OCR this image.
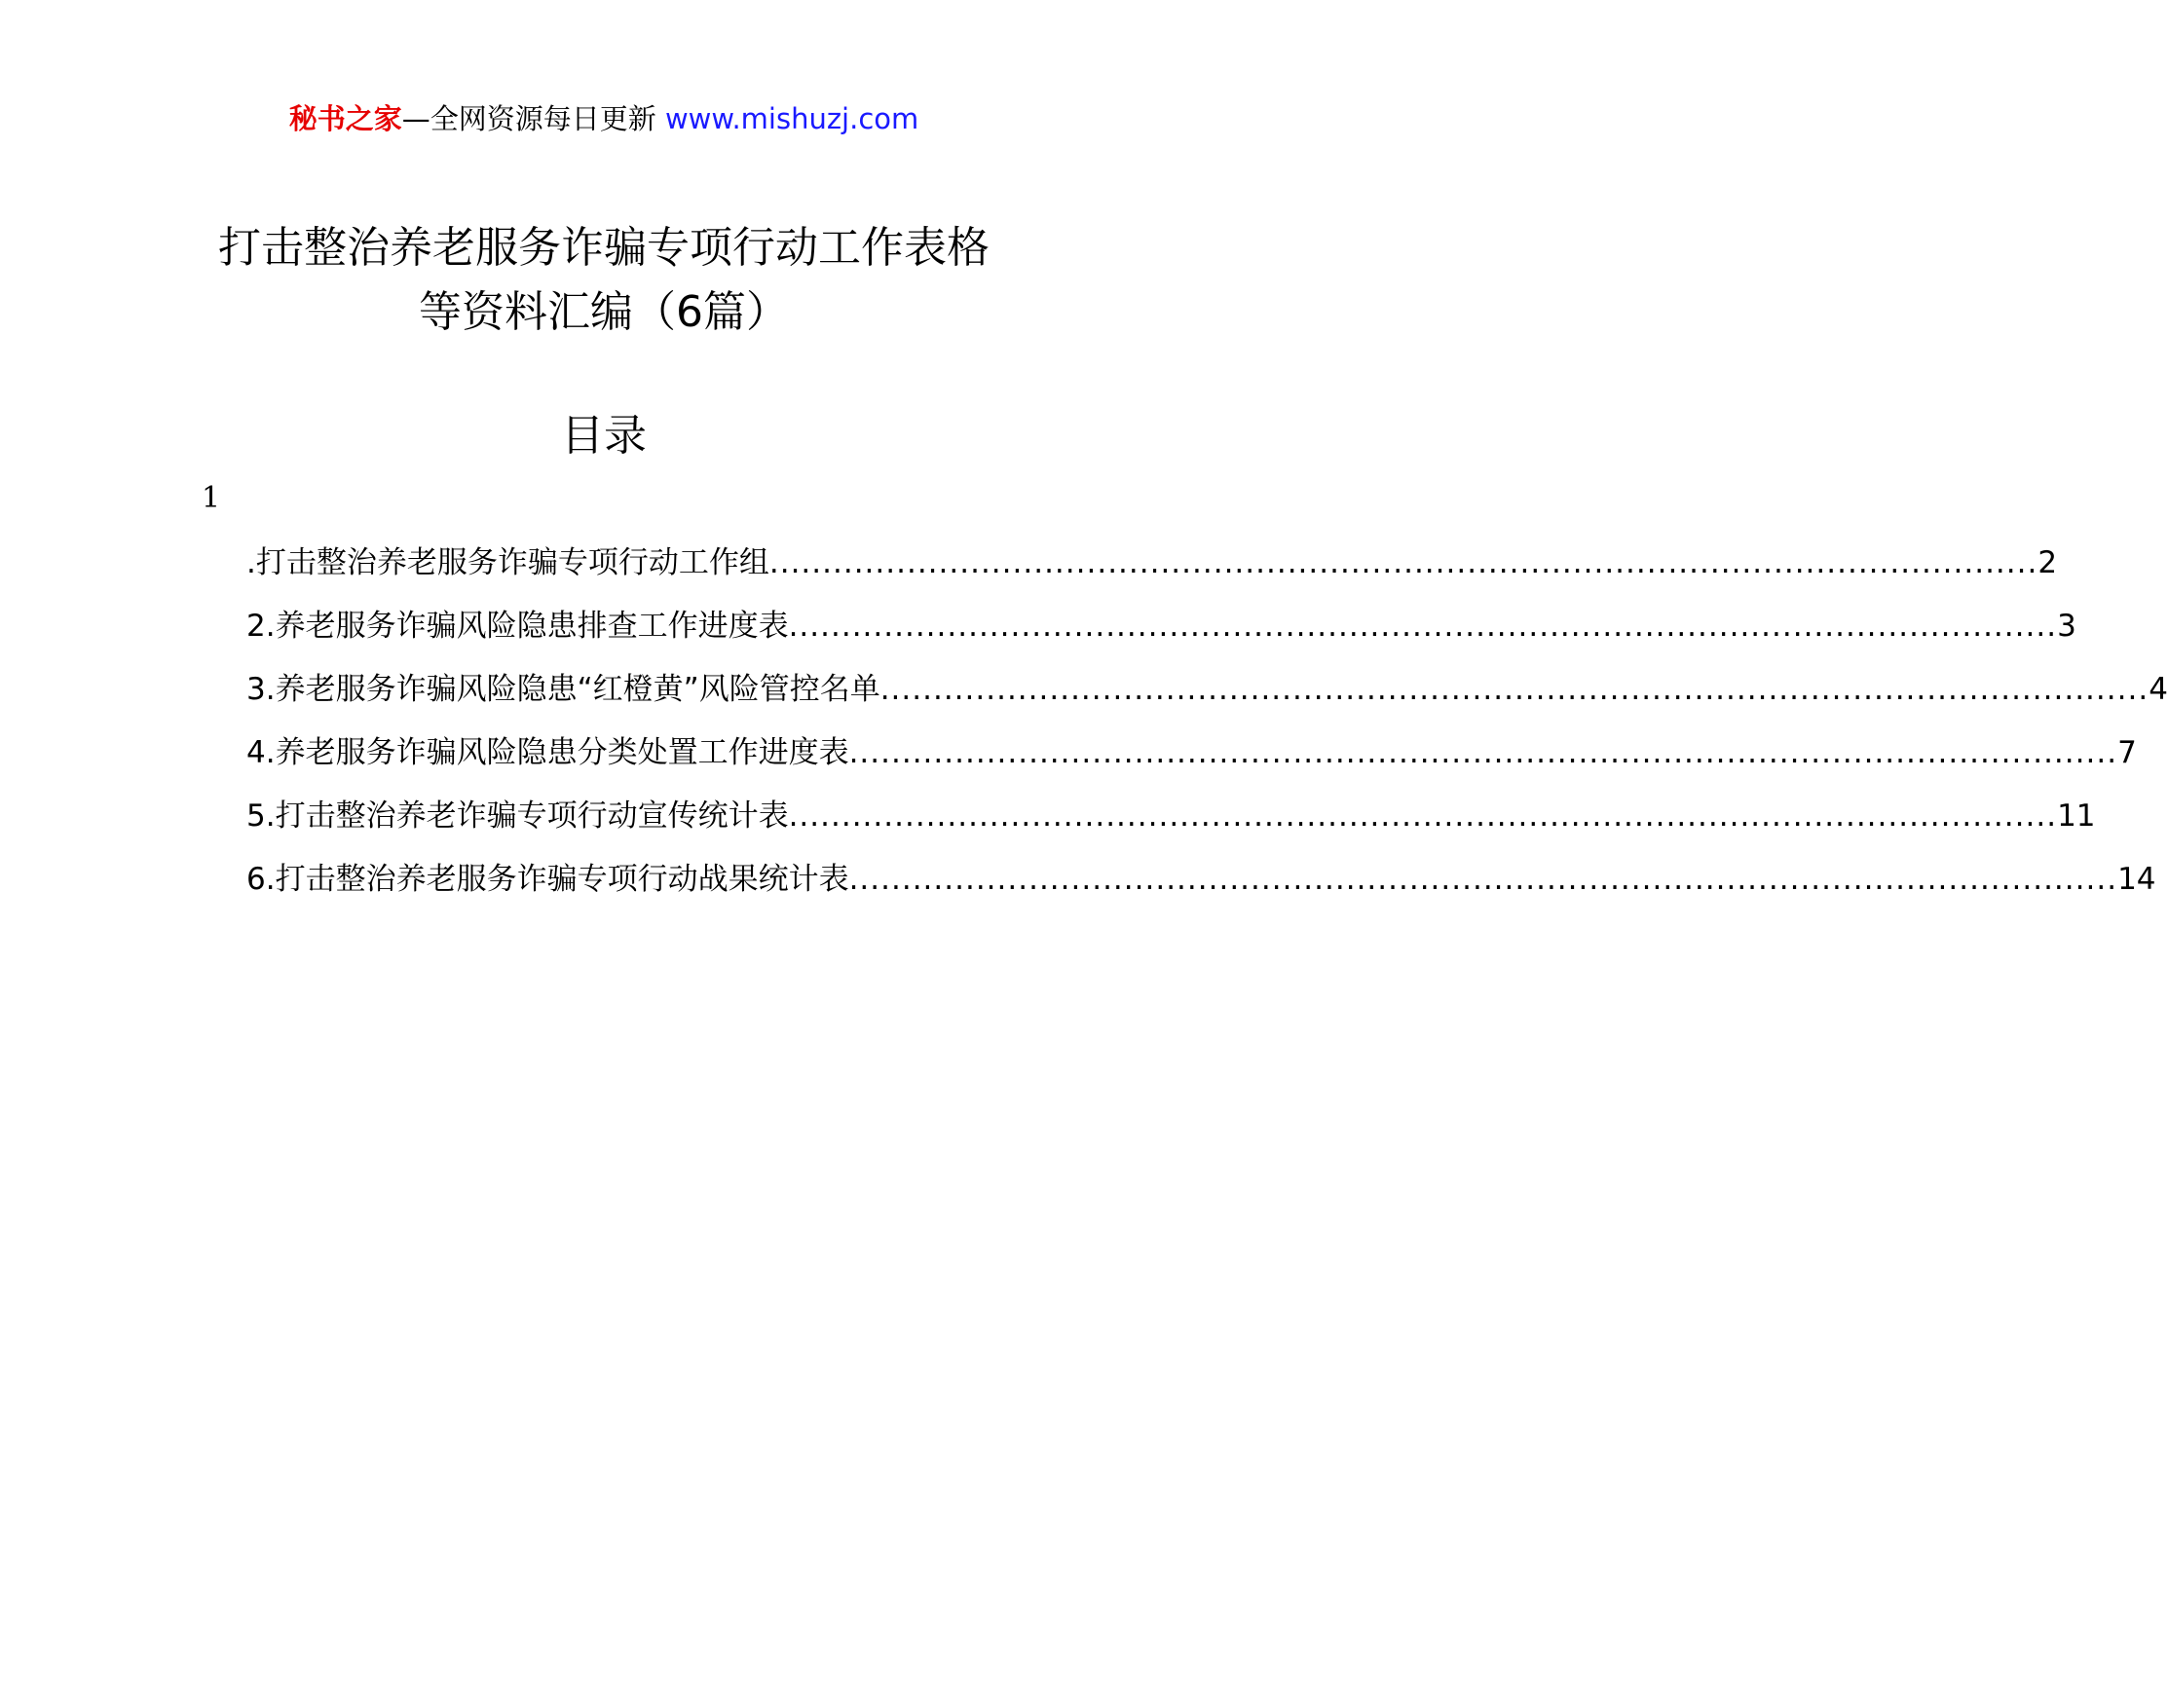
秘书之家—全网资源每日更新 www.mishuzj.com
打击整治养老服务诈骗专项行动工作表格
等资料汇编（6篇）
目录
1
.打击整治养老服务诈骗专项行动工作组 ........................................................................................................................ 2
2.养老服务诈骗风险隐患排查工作进度表 ........................................................................................................................ 3
3.养老服务诈骗风险隐患“红橙黄”风险管控名单 ........................................................................................................................ 4
4.养老服务诈骗风险隐患分类处置工作进度表 ........................................................................................................................ 7
5.打击整治养老诈骗专项行动宣传统计表 ........................................................................................................................ 11
6.打击整治养老服务诈骗专项行动战果统计表 ........................................................................................................................ 14
